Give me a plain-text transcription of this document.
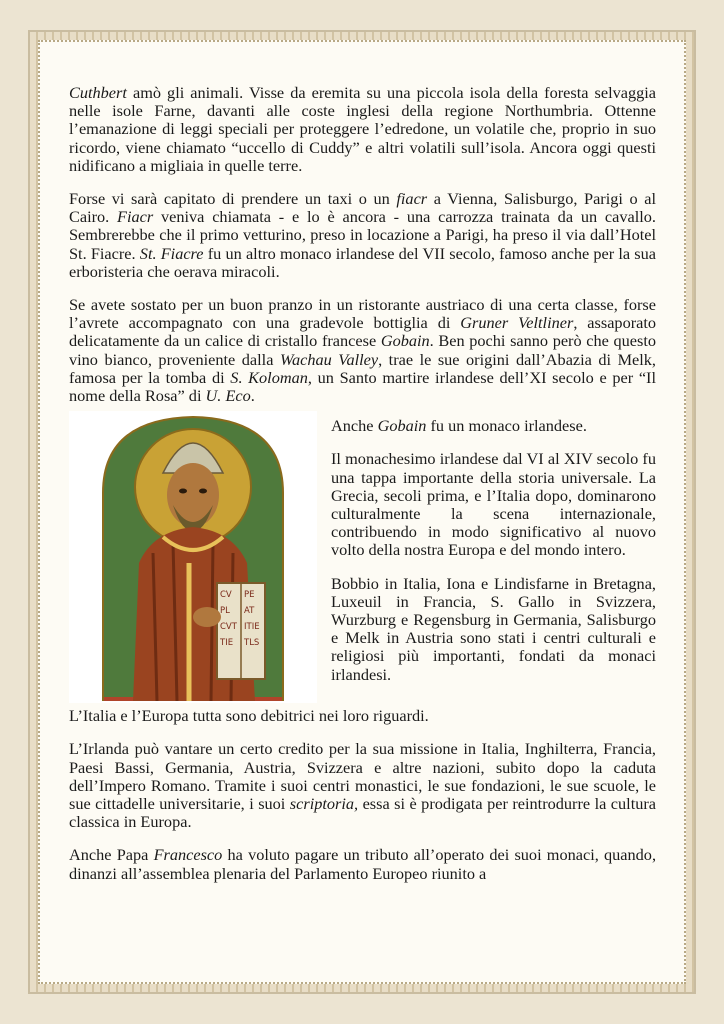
Cuthbert amò gli animali. Visse da eremita su una piccola isola della foresta selvaggia nelle isole Farne, davanti alle coste inglesi della regione Northumbria. Ottenne l’emanazione di leggi speciali per proteggere l’edredone, un volatile che, proprio in suo ricordo, viene chiamato “uccello di Cuddy” e altri volatili sull’isola. Ancora oggi questi nidificano a migliaia in quelle terre.

Forse vi sarà capitato di prendere un taxi o un fiacr a Vienna, Salisburgo, Parigi o al Cairo. Fiacr veniva chiamata - e lo è ancora - una carrozza trainata da un cavallo. Sembrerebbe che il primo vetturino, preso in locazione a Parigi, ha preso il via dall’Hotel St. Fiacre. St. Fiacre fu un altro monaco irlandese del VII secolo, famoso anche per la sua erboristeria che oerava miracoli.

Se avete sostato per un buon pranzo in un ristorante austriaco di una certa classe, forse l’avrete accompagnato con una gradevole bottiglia di Gruner Veltliner, assaporato delicatamente da un calice di cristallo francese Gobain. Ben pochi sanno però che questo vino bianco, proveniente dalla Wachau Valley, trae le sue origini dall’Abazia di Melk, famosa per la tomba di S. Koloman, un Santo martire irlandese dell’XI secolo e per “Il nome della Rosa” di U. Eco.

CV PE
PL AT
CVT ITIE
TIE TLS

Anche Gobain fu un monaco irlandese.

Il monachesimo irlandese dal VI al XIV secolo fu una tappa importante della storia universale. La Grecia, secoli prima, e l’Italia dopo, dominarono culturalmente la scena internazionale, contribuendo in modo significativo al nuovo volto della nostra Europa e del mondo intero.

Bobbio in Italia, Iona e Lindisfarne in Bretagna, Luxeuil in Francia, S. Gallo in Svizzera, Wurzburg e Regensburg in Germania, Salisburgo e Melk in Austria sono stati i centri culturali e religiosi più importanti, fondati da monaci irlandesi.

L’Italia e l’Europa tutta sono debitrici nei loro riguardi.

L’Irlanda può vantare un certo credito per la sua missione in Italia, Inghilterra, Francia, Paesi Bassi, Germania, Austria, Svizzera e altre nazioni, subito dopo la caduta dell’Impero Romano. Tramite i suoi centri monastici, le sue fondazioni, le sue scuole, le sue cittadelle universitarie, i suoi scriptoria, essa si è prodigata per reintrodurre la cultura classica in Europa.

Anche Papa Francesco ha voluto pagare un tributo all’operato dei suoi monaci, quando, dinanzi all’assemblea plenaria del Parlamento Europeo riunito a
